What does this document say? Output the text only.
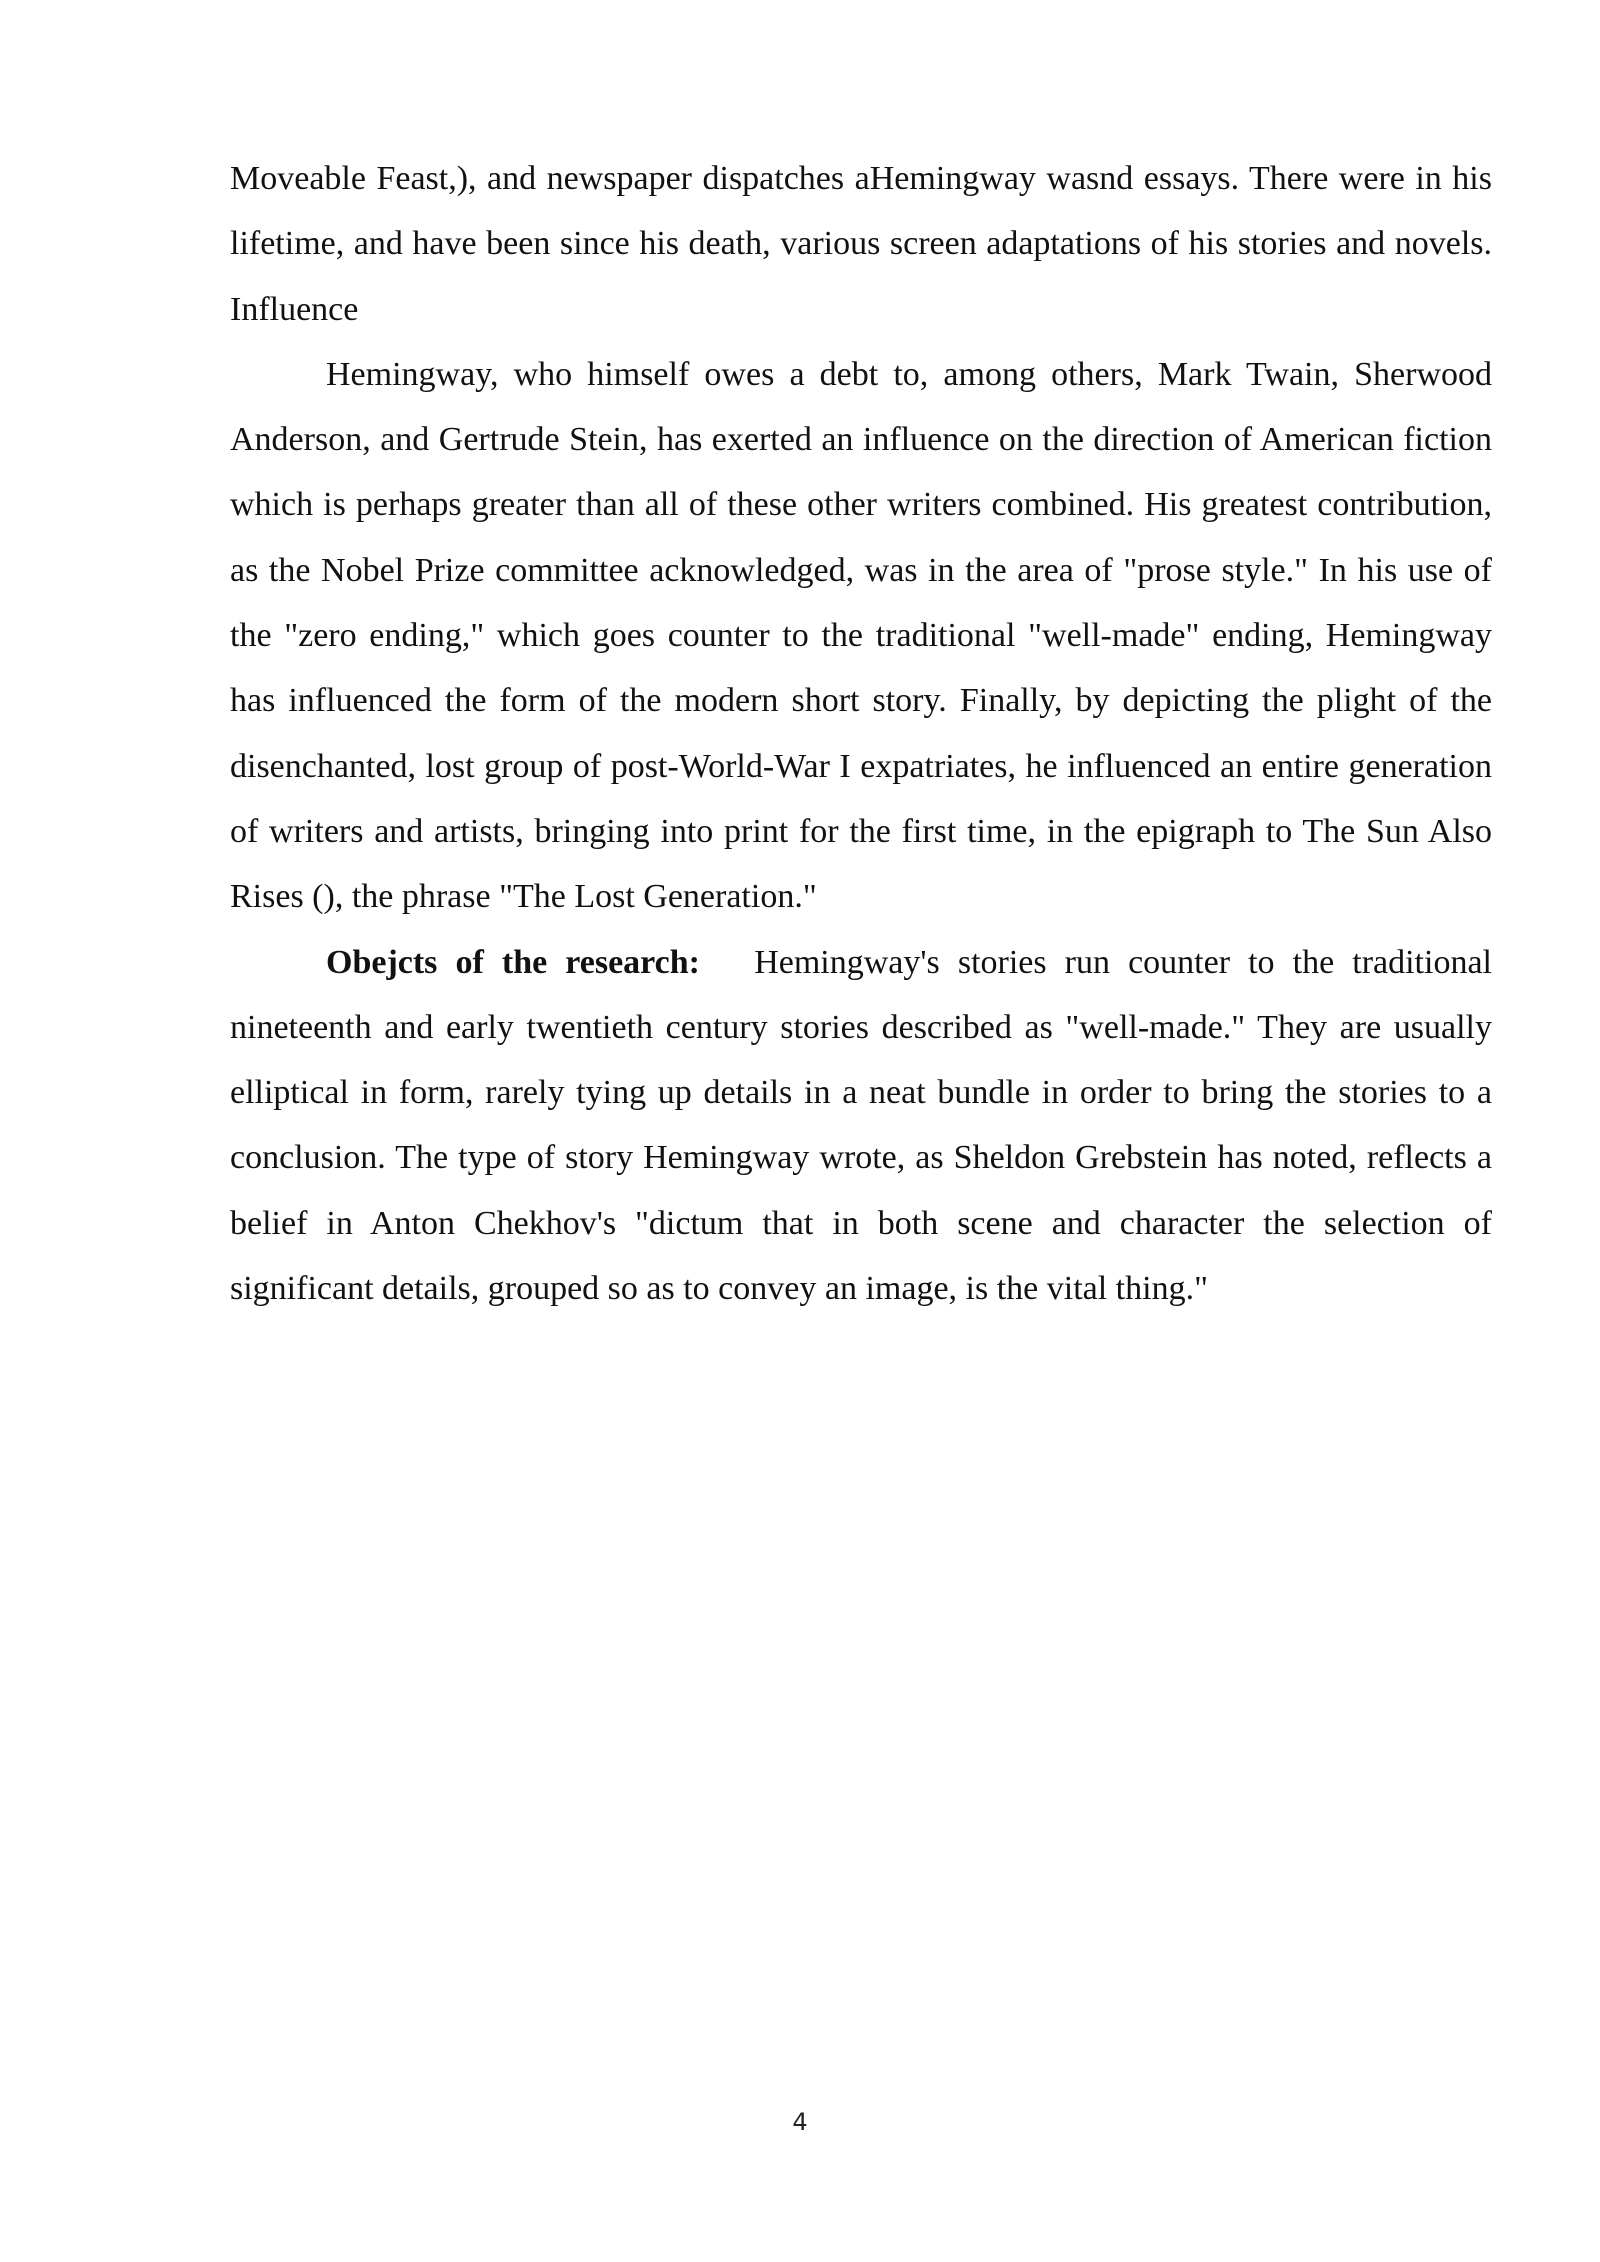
Moveable Feast,), and newspaper dispatches aHemingway wasnd essays. There were in his lifetime, and have been since his death, various screen adaptations of his stories and novels. Influence

Hemingway, who himself owes a debt to, among others, Mark Twain, Sherwood Anderson, and Gertrude Stein, has exerted an influence on the direction of American fiction which is perhaps greater than all of these other writers combined. His greatest contribution, as the Nobel Prize committee acknowledged, was in the area of "prose style." In his use of the "zero ending," which goes counter to the traditional "well-made" ending, Hemingway has influenced the form of the modern short story. Finally, by depicting the plight of the disenchanted, lost group of post-World-War I expatriates, he influenced an entire generation of writers and artists, bringing into print for the first time, in the epigraph to The Sun Also Rises (), the phrase "The Lost Generation."

Obejcts of the research: Hemingway's stories run counter to the traditional nineteenth and early twentieth century stories described as "well-made." They are usually elliptical in form, rarely tying up details in a neat bundle in order to bring the stories to a conclusion. The type of story Hemingway wrote, as Sheldon Grebstein has noted, reflects a belief in Anton Chekhov's "dictum that in both scene and character the selection of significant details, grouped so as to convey an image, is the vital thing."

4
